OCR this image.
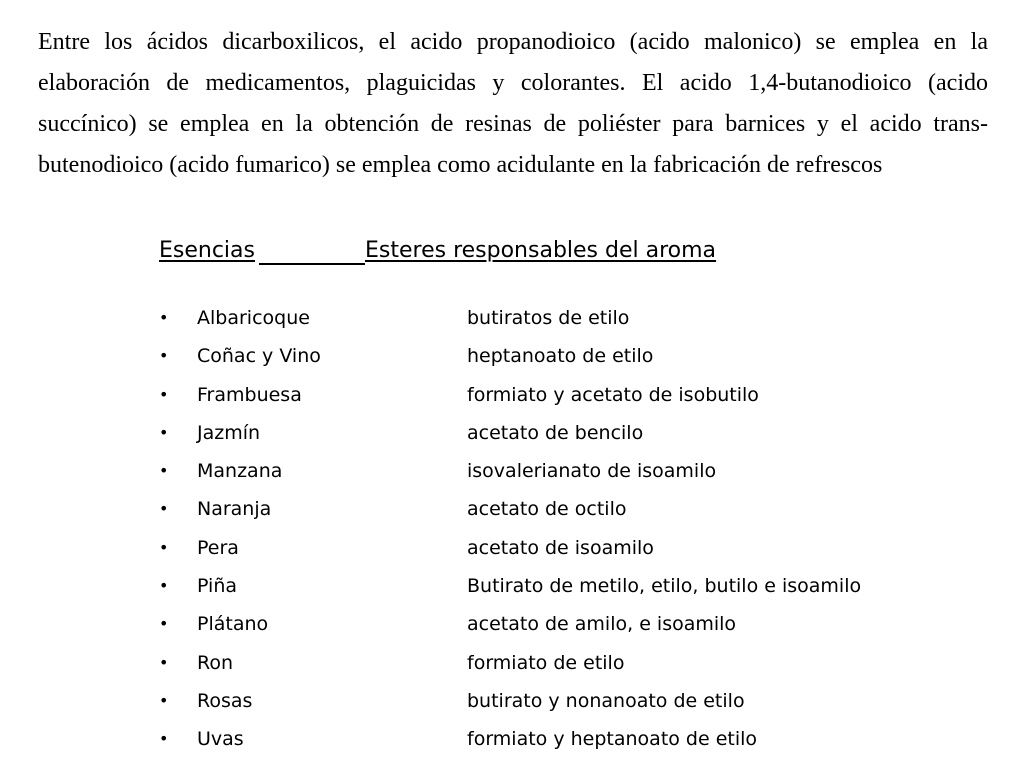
Entre los ácidos dicarboxilicos, el acido propanodioico (acido malonico) se emplea en la elaboración de medicamentos, plaguicidas y colorantes. El acido 1,4-butanodioico (acido succínico) se emplea en la obtención de resinas de poliéster para barnices y el acido trans-butenodioico (acido fumarico) se emplea como acidulante en la fabricación de refrescos

Esencias	Esteres responsables del aroma
• Albaricoque	butiratos de etilo
• Coñac y Vino	heptanoato de etilo
• Frambuesa	formiato y acetato de isobutilo
• Jazmín	acetato de bencilo
• Manzana	isovalerianato de isoamilo
• Naranja	acetato de octilo
• Pera	acetato de isoamilo
• Piña	Butirato de metilo, etilo, butilo e isoamilo
• Plátano	acetato de amilo, e isoamilo
• Ron	formiato de etilo
• Rosas	butirato y nonanoato de etilo
• Uvas	formiato y heptanoato de etilo
